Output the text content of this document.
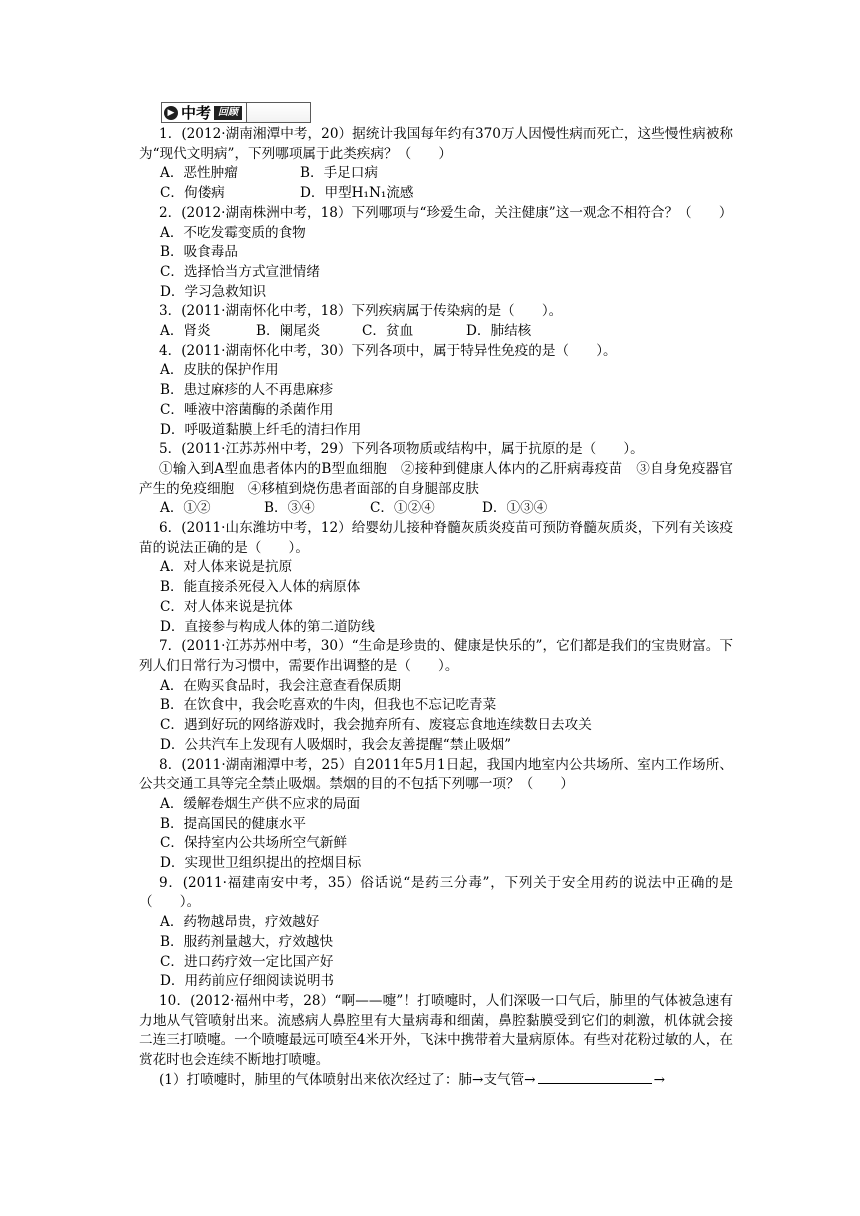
▶ 中考 回顾

1．(2012·湖南湘潭中考，20）据统计我国每年约有370万人因慢性病而死亡，这些慢性病被称为“现代文明病”，下列哪项属于此类疾病？（　　）

A．恶性肿瘤	B．手足口病

C．佝偻病	D．甲型H₁N₁流感

2．(2012·湖南株洲中考，18）下列哪项与“珍爱生命，关注健康”这一观念不相符合？（　　）

A．不吃发霉变质的食物

B．吸食毒品

C．选择恰当方式宣泄情绪

D．学习急救知识

3．(2011·湖南怀化中考，18）下列疾病属于传染病的是（　　）。

A．肾炎	B．阑尾炎	C．贫血	D．肺结核

4．(2011·湖南怀化中考，30）下列各项中，属于特异性免疫的是（　　）。

A．皮肤的保护作用

B．患过麻疹的人不再患麻疹

C．唾液中溶菌酶的杀菌作用

D．呼吸道黏膜上纤毛的清扫作用

5．(2011·江苏苏州中考，29）下列各项物质或结构中，属于抗原的是（　　）。

①输入到A型血患者体内的B型血细胞　②接种到健康人体内的乙肝病毒疫苗　③自身免疫器官产生的免疫细胞　④移植到烧伤患者面部的自身腿部皮肤

A．①②	B．③④	C．①②④	D．①③④

6．(2011·山东潍坊中考，12）给婴幼儿接种脊髓灰质炎疫苗可预防脊髓灰质炎，下列有关该疫苗的说法正确的是（　　）。

A．对人体来说是抗原

B．能直接杀死侵入人体的病原体

C．对人体来说是抗体

D．直接参与构成人体的第二道防线

7．(2011·江苏苏州中考，30）“生命是珍贵的、健康是快乐的”，它们都是我们的宝贵财富。下列人们日常行为习惯中，需要作出调整的是（　　）。

A．在购买食品时，我会注意查看保质期

B．在饮食中，我会吃喜欢的牛肉，但我也不忘记吃青菜

C．遇到好玩的网络游戏时，我会抛弃所有、废寝忘食地连续数日去攻关

D．公共汽车上发现有人吸烟时，我会友善提醒“禁止吸烟”

8．(2011·湖南湘潭中考，25）自2011年5月1日起，我国内地室内公共场所、室内工作场所、公共交通工具等完全禁止吸烟。禁烟的目的不包括下列哪一项？（　　）

A．缓解卷烟生产供不应求的局面

B．提高国民的健康水平

C．保持室内公共场所空气新鲜

D．实现世卫组织提出的控烟目标

9．(2011·福建南安中考，35）俗话说“是药三分毒”，下列关于安全用药的说法中正确的是（　　）。

A．药物越昂贵，疗效越好

B．服药剂量越大，疗效越快

C．进口药疗效一定比国产好

D．用药前应仔细阅读说明书

10．(2012·福州中考，28）“啊——嚏”！打喷嚏时，人们深吸一口气后，肺里的气体被急速有力地从气管喷射出来。流感病人鼻腔里有大量病毒和细菌，鼻腔黏膜受到它们的刺激，机体就会接二连三打喷嚏。一个喷嚏最远可喷至4米开外，飞沫中携带着大量病原体。有些对花粉过敏的人，在赏花时也会连续不断地打喷嚏。

(1）打喷嚏时，肺里的气体喷射出来依次经过了：肺→支气管→	→
